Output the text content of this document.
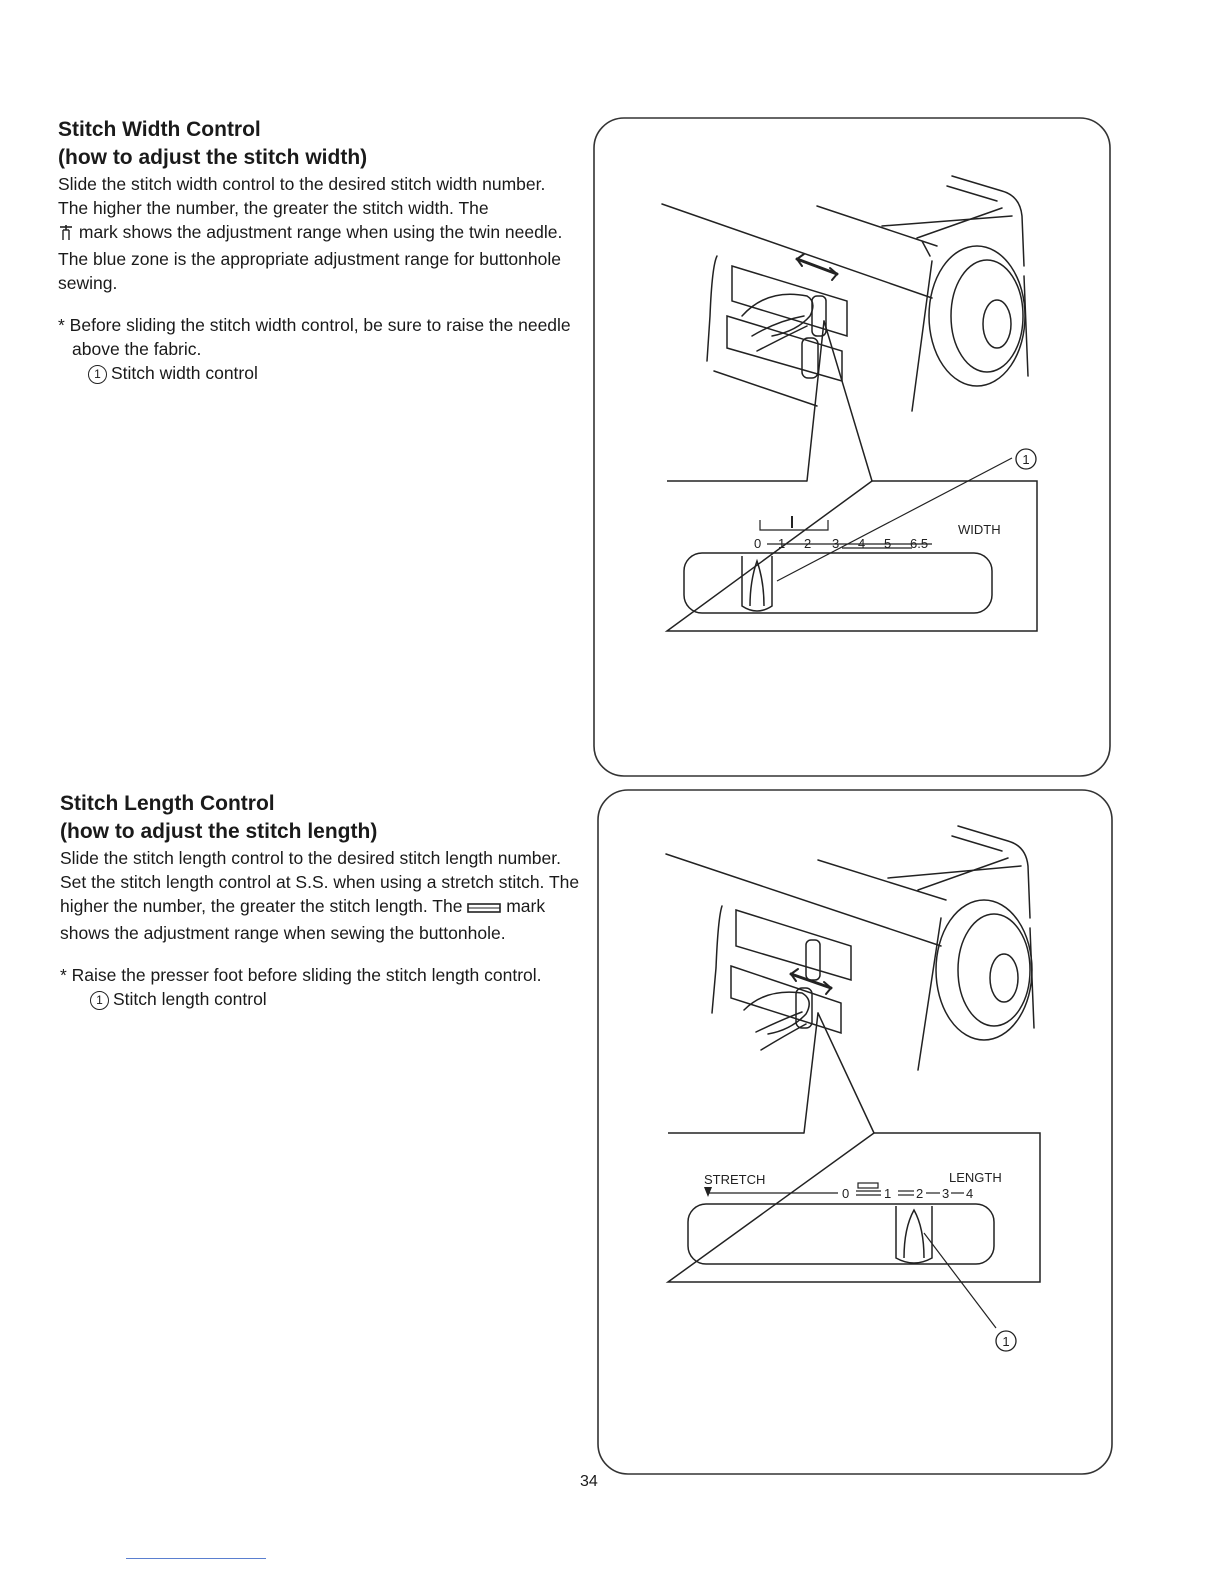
Stitch Width Control
(how to adjust the stitch width)

Slide the stitch width control to the desired stitch width number.

The higher the number, the greater the stitch width. The
mark shows the adjustment range when using the twin needle. The blue zone is the appropriate adjustment range for buttonhole sewing.

* Before sliding the stitch width control, be sure to raise the needle above the fabric.

1 Stitch width control

Stitch Length Control
(how to adjust the stitch length)

Slide the stitch length control to the desired stitch length number.

Set the stitch length control at S.S. when using a stretch stitch. The higher the number, the greater the stitch length. The	mark shows the adjustment range when sewing the buttonhole.

* Raise the presser foot before sliding the stitch length control.

1 Stitch length control

0 1 2 3 4 5 6.5
WIDTH
1
STRETCH	LENGTH
0	1 2 3 4
1
34
